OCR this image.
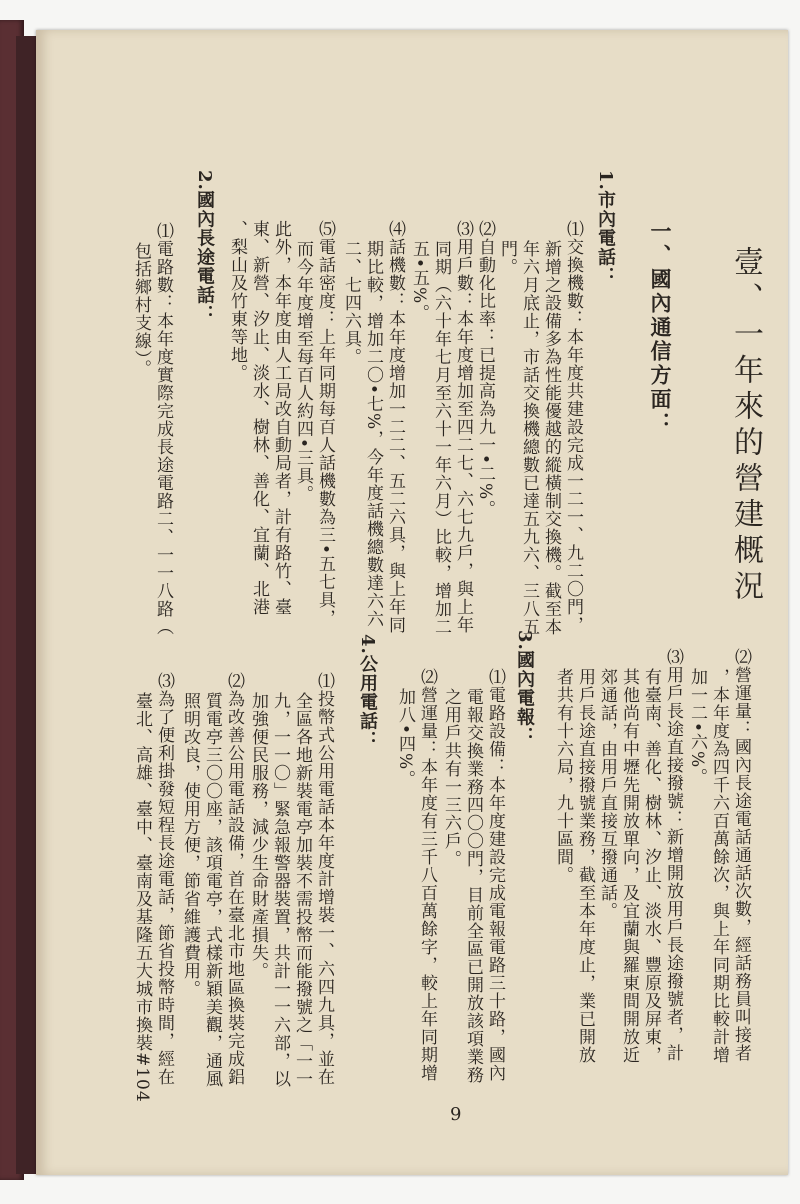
壹、一年來的營建概況
一、國內通信方面：
1.市內電話：
⑴交換機數：本年度共建設完成一二一、九二〇門，
新增之設備多為性能優越的縱橫制交換機。截至本
年六月底止，市話交換機總數已達五九六、三八五
門。
⑵自動化比率：已提高為九一•二%。
⑶用戶數：本年度增加至四二七、六七九戶，與上年
同期（六十年七月至六十一年六月）比較，增加二
五•五%。
⑷話機數：本年度增加一二二、五二六具，與上年同
期比較，增加二〇•七%，今年度話機總數達六六
二、七四六具。
⑸電話密度：上年同期每百人話機數為三•五七具，
而今年度增至每百人約四•三具。
此外，本年度由人工局改自動局者，計有路竹、臺
東、新營、汐止、淡水、樹林、善化、宜蘭、北港
、梨山及竹東等地。
2.國內長途電話：
⑴電路數：本年度實際完成長途電路二、一一八路（
包括鄉村支線）。
⑵營運量：國內長途電話通話次數，經話務員叫接者
，本年度為四千六百萬餘次，與上年同期比較計增
加一二•六%。
⑶用戶長途直接撥號：新增開放用戶長途撥號者，計
有臺南、善化、樹林、汐止、淡水、豐原及屏東，
其他尚有中壢先開放單向，及宜蘭與羅東間開放近
郊通話，由用戶直接互撥通話。
用戶長途直接撥號業務，截至本年度止，業已開放
者共有十六局，九十區間。
3.國內電報：
⑴電路設備：本年度建設完成電報電路三十路，國內
電報交換業務四〇〇門，目前全區已開放該項業務
之用戶共有一三六戶。
⑵營運量：本年度有三千八百萬餘字，較上年同期增
加八•四%。
4.公用電話：
⑴投幣式公用電話本年度計增裝一、六四九具，並在
全區各地新裝電亭加裝不需投幣而能撥號之「一一
九，一一〇」緊急報警器裝置，共計一一六部，以
加強便民服務，減少生命財產損失。
⑵為改善公用電話設備，首在臺北市地區換裝完成鋁
質電亭三〇〇座，該項電亭，式樣新穎美觀，通風
照明改良，使用方便，節省維護費用。
⑶為了便利掛發短程長途電話，節省投幣時間，經在
臺北、高雄、臺中、臺南及基隆五大城市換裝#104
9
